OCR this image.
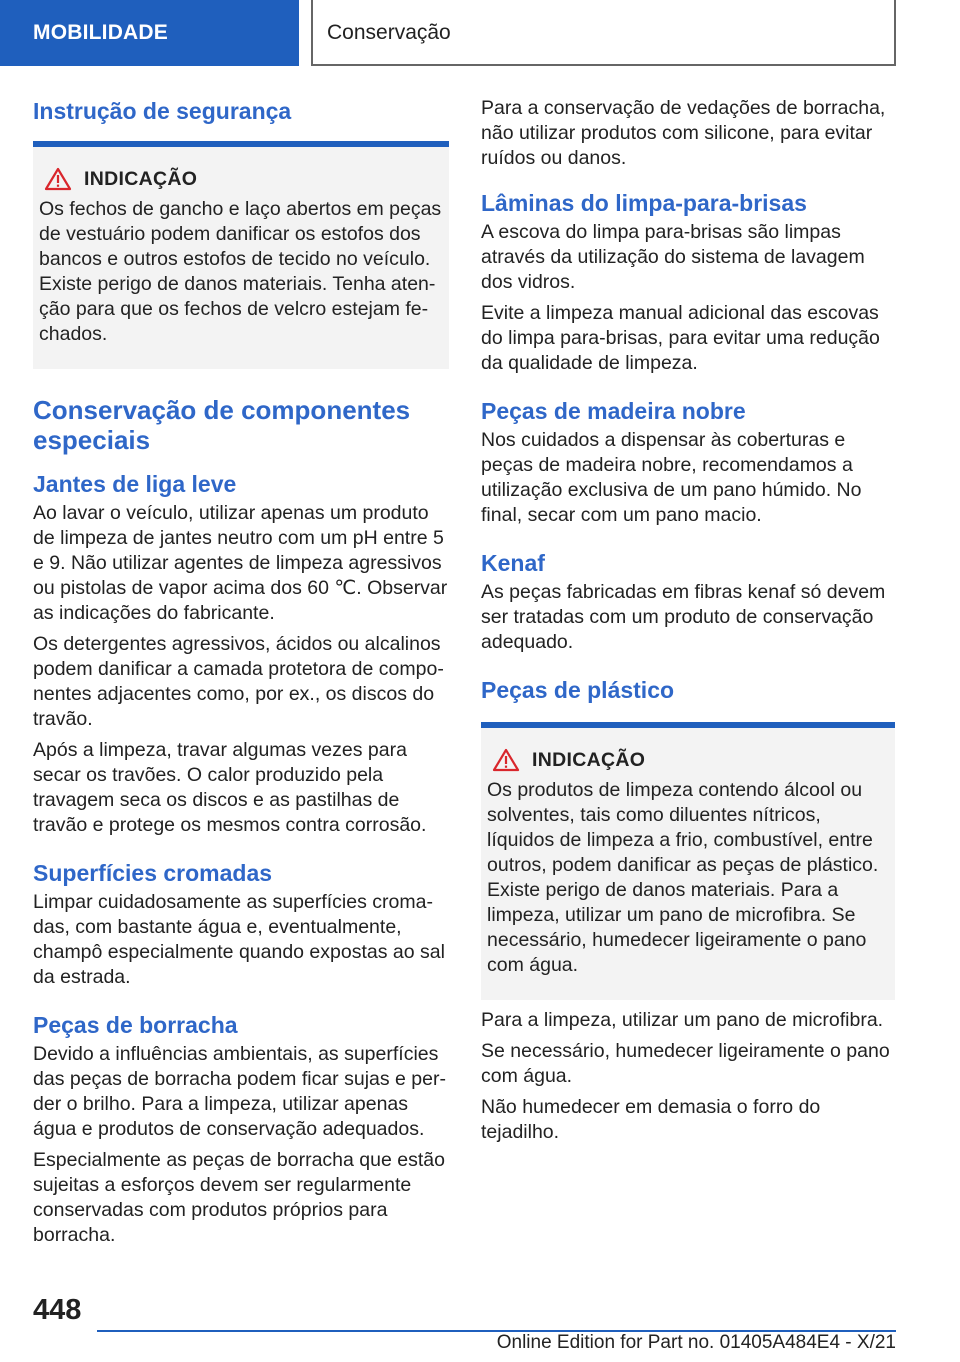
MOBILIDADE	Conservação
Instrução de segurança
INDICAÇÃO

Os fechos de gancho e laço abertos em peças de vestuário podem danificar os estofos dos bancos e outros estofos de tecido no veículo. Existe perigo de danos materiais. Tenha atenção para que os fechos de velcro estejam fechados.

Conservação de componentes especiais
Jantes de liga leve

Ao lavar o veículo, utilizar apenas um produto de limpeza de jantes neutro com um pH entre 5 e 9. Não utilizar agentes de limpeza agressivos ou pistolas de vapor acima dos 60 ℃. Observar as indicações do fabricante.

Os detergentes agressivos, ácidos ou alcalinos podem danificar a camada protetora de componentes adjacentes como, por ex., os discos do travão.

Após a limpeza, travar algumas vezes para secar os travões. O calor produzido pela travagem seca os discos e as pastilhas de travão e protege os mesmos contra corrosão.

Superfícies cromadas

Limpar cuidadosamente as superfícies cromadas, com bastante água e, eventualmente, champô especialmente quando expostas ao sal da estrada.

Peças de borracha

Devido a influências ambientais, as superfícies das peças de borracha podem ficar sujas e perder o brilho. Para a limpeza, utilizar apenas água e produtos de conservação adequados.

Especialmente as peças de borracha que estão sujeitas a esforços devem ser regularmente conservadas com produtos próprios para borracha.

Para a conservação de vedações de borracha, não utilizar produtos com silicone, para evitar ruídos ou danos.

Lâminas do limpa-para-brisas

A escova do limpa para-brisas são limpas através da utilização do sistema de lavagem dos vidros.

Evite a limpeza manual adicional das escovas do limpa para-brisas, para evitar uma redução da qualidade de limpeza.

Peças de madeira nobre

Nos cuidados a dispensar às coberturas e peças de madeira nobre, recomendamos a utilização exclusiva de um pano húmido. No final, secar com um pano macio.

Kenaf

As peças fabricadas em fibras kenaf só devem ser tratadas com um produto de conservação adequado.

Peças de plástico
INDICAÇÃO

Os produtos de limpeza contendo álcool ou solventes, tais como diluentes nítricos, líquidos de limpeza a frio, combustível, entre outros, podem danificar as peças de plástico. Existe perigo de danos materiais. Para a limpeza, utilizar um pano de microfibra. Se necessário, humedecer ligeiramente o pano com água.

Para a limpeza, utilizar um pano de microfibra.

Se necessário, humedecer ligeiramente o pano com água.

Não humedecer em demasia o forro do tejadilho.

448
Online Edition for Part no. 01405A484E4 - X/21
